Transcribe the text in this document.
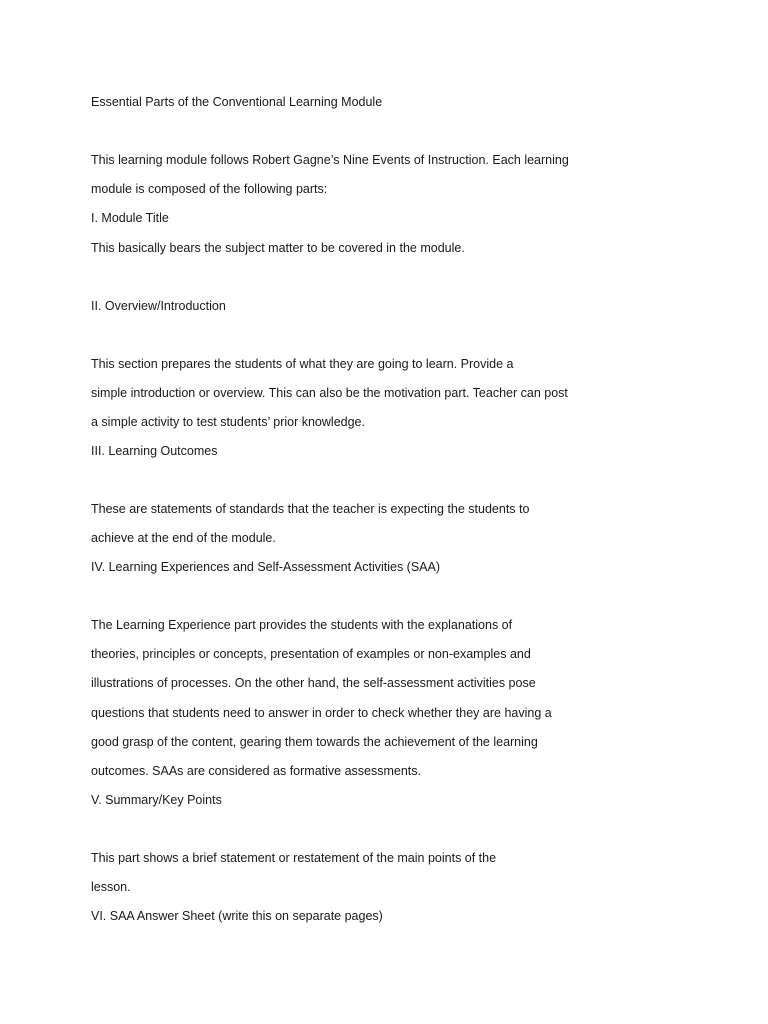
Essential Parts of the Conventional Learning Module
This learning module follows Robert Gagne’s Nine Events of Instruction. Each learning
module is composed of the following parts:
I. Module Title
This basically bears the subject matter to be covered in the module.
II. Overview/Introduction
This section prepares the students of what they are going to learn. Provide a
simple introduction or overview. This can also be the motivation part. Teacher can post
a simple activity to test students’ prior knowledge.
III. Learning Outcomes
These are statements of standards that the teacher is expecting the students to
achieve at the end of the module.
IV. Learning Experiences and Self-Assessment Activities (SAA)
The Learning Experience part provides the students with the explanations of
theories, principles or concepts, presentation of examples or non-examples and
illustrations of processes. On the other hand, the self-assessment activities pose
questions that students need to answer in order to check whether they are having a
good grasp of the content, gearing them towards the achievement of the learning
outcomes. SAAs are considered as formative assessments.
V. Summary/Key Points
This part shows a brief statement or restatement of the main points of the
lesson.
VI. SAA Answer Sheet (write this on separate pages)
